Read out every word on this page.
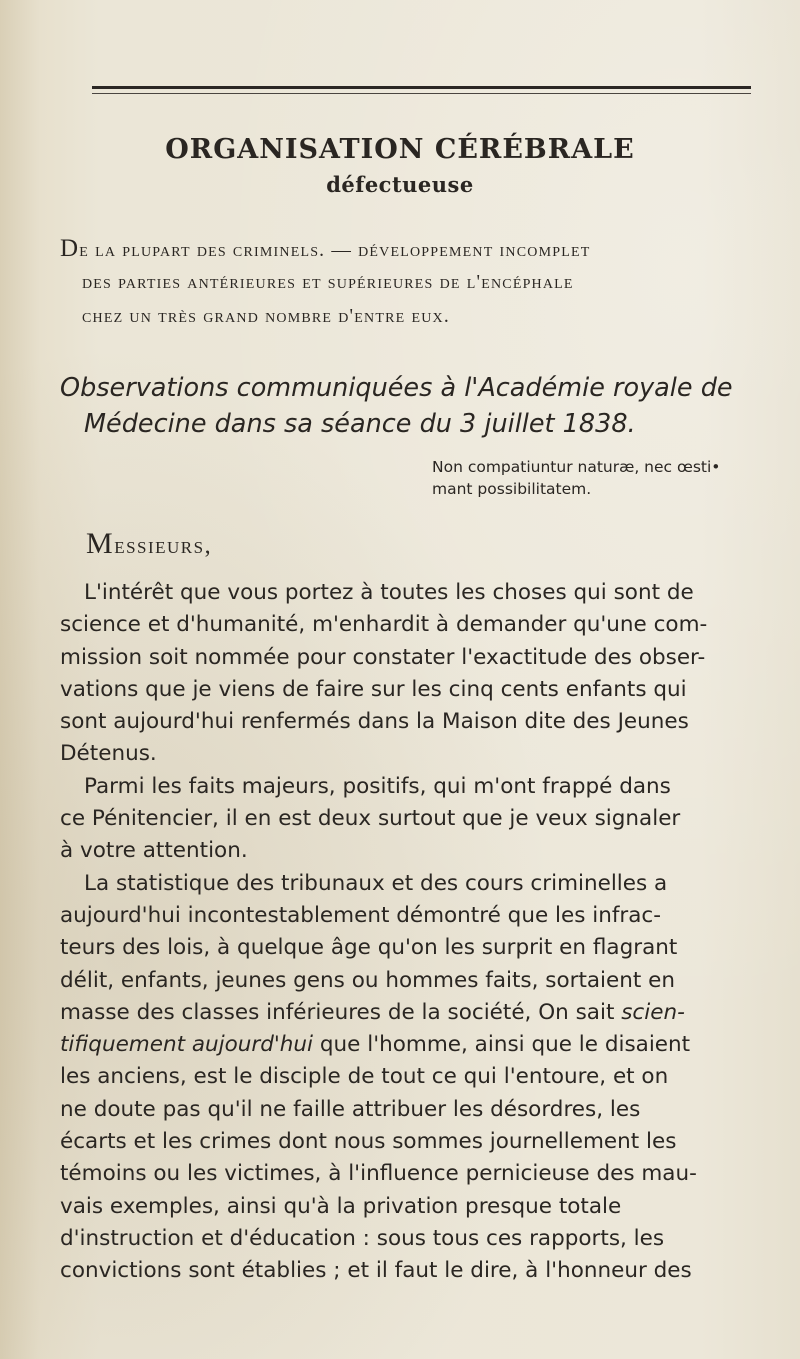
ORGANISATION CÉRÉBRALE
défectueuse
De la plupart des criminels. — développement incomplet
des parties antérieures et supérieures de l'encéphale
chez un très grand nombre d'entre eux.
Observations communiquées à l'Académie royale de
Médecine dans sa séance du 3 juillet 1838.
Non compatiuntur naturæ, nec œsti•
mant possibilitatem.
Messieurs,
L'intérêt que vous portez à toutes les choses qui sont de
science et d'humanité, m'enhardit à demander qu'une com-
mission soit nommée pour constater l'exactitude des obser-
vations que je viens de faire sur les cinq cents enfants qui
sont aujourd'hui renfermés dans la Maison dite des Jeunes
Détenus.
Parmi les faits majeurs, positifs, qui m'ont frappé dans
ce Pénitencier, il en est deux surtout que je veux signaler
à votre attention.
La statistique des tribunaux et des cours criminelles a
aujourd'hui incontestablement démontré que les infrac-
teurs des lois, à quelque âge qu'on les surprit en flagrant
délit, enfants, jeunes gens ou hommes faits, sortaient en
masse des classes inférieures de la société, On sait scien-
tifiquement aujourd'hui que l'homme, ainsi que le disaient
les anciens, est le disciple de tout ce qui l'entoure, et on
ne doute pas qu'il ne faille attribuer les désordres, les
écarts et les crimes dont nous sommes journellement les
témoins ou les victimes, à l'influence pernicieuse des mau-
vais exemples, ainsi qu'à la privation presque totale
d'instruction et d'éducation : sous tous ces rapports, les
convictions sont établies ; et il faut le dire, à l'honneur des
